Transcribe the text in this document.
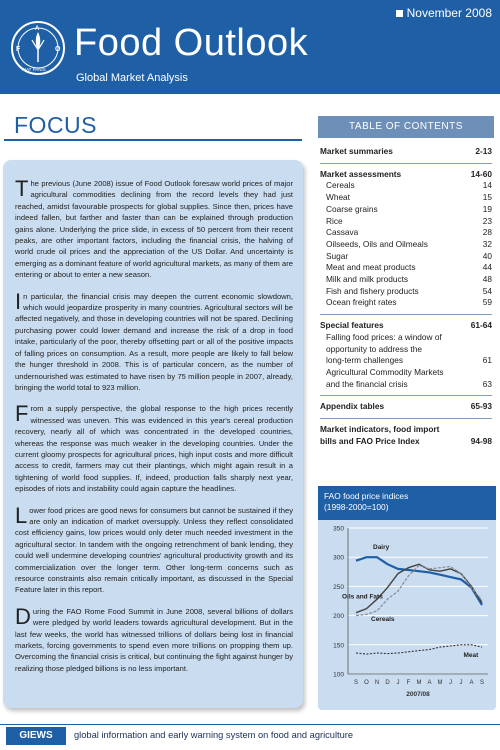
November 2008
F
A
O
FIAT PANIS
Food Outlook
Global Market Analysis
FOCUS

The previous (June 2008) issue of Food Outlook foresaw world prices of major agricultural commodities declining from the record levels they had just reached, amidst favourable prospects for global supplies. Since then, prices have indeed fallen, but farther and faster than can be explained through production gains alone. Underlying the price slide, in excess of 50 percent from their recent peaks, are other important factors, including the financial crisis, the halving of world crude oil prices and the appreciation of the US Dollar. And uncertainty is emerging as a dominant feature of world agricultural markets, as many of them are entering or about to enter a new season.

In particular, the financial crisis may deepen the current economic slowdown, which would jeopardize prosperity in many countries. Agricultural sectors will be affected negatively, and those in developing countries will not be spared. Declining purchasing power could lower demand and increase the risk of a drop in food intake, particularly of the poor, thereby offsetting part or all of the positive impacts of falling prices on consumption. As a result, more people are likely to fall below the hunger threshold in 2008. This is of particular concern, as the number of undernourished was estimated to have risen by 75 million people in 2007, already, bringing the world total to 923 million.

From a supply perspective, the global response to the high prices recently witnessed was uneven. This was evidenced in this year's cereal production recovery, nearly all of which was concentrated in the developed countries, whereas the response was much weaker in the developing countries. Under the current gloomy prospects for agricultural prices, high input costs and more difficult access to credit, farmers may cut their plantings, which might again result in a tightening of world food supplies. If, indeed, production falls sharply next year, episodes of riots and instability could again capture the headlines.

Lower food prices are good news for consumers but cannot be sustained if they are only an indication of market oversupply. Unless they reflect consolidated cost efficiency gains, low prices would only deter much needed investment in the agricultural sector. In tandem with the ongoing retrenchment of bank lending, they could well undermine developing countries' agricultural productivity growth and its commercialization over the longer term. Other long-term concerns such as resource constraints also remain critically important, as discussed in the Special Feature later in this report.

During the FAO Rome Food Summit in June 2008, several billions of dollars were pledged by world leaders towards agricultural development. But in the last few weeks, the world has witnessed trillions of dollars being lost in financial markets, forcing governments to spend even more trillions on propping them up. Overcoming the financial crisis is critical, but continuing the fight against hunger by realizing those pledged billions is no less important.

TABLE OF CONTENTS
Market summaries	2-13
Market assessments	14-60
Cereals	14
Wheat	15
Coarse grains	19
Rice	23
Cassava	28
Oilseeds, Oils and Oilmeals	32
Sugar	40
Meat and meat products	44
Milk and milk products	48
Fish and fishery products	54
Ocean freight rates	59
Special features	61-64
Falling food prices: a window of
opportunity to address the
long-term challenges	61
Agricultural Commodity Markets
and the financial crisis	63
Appendix tables	65-93
Market indicators, food import
bills and FAO Price Index	94-98
FAO food price indices
(1998-2000=100)
100
150
200
250
300
350
S O N D J F M A M J J A S
2007/08
Dairy
Oils and Fats
Cereals
Meat
GIEWS	global information and early warning system on food and agriculture
